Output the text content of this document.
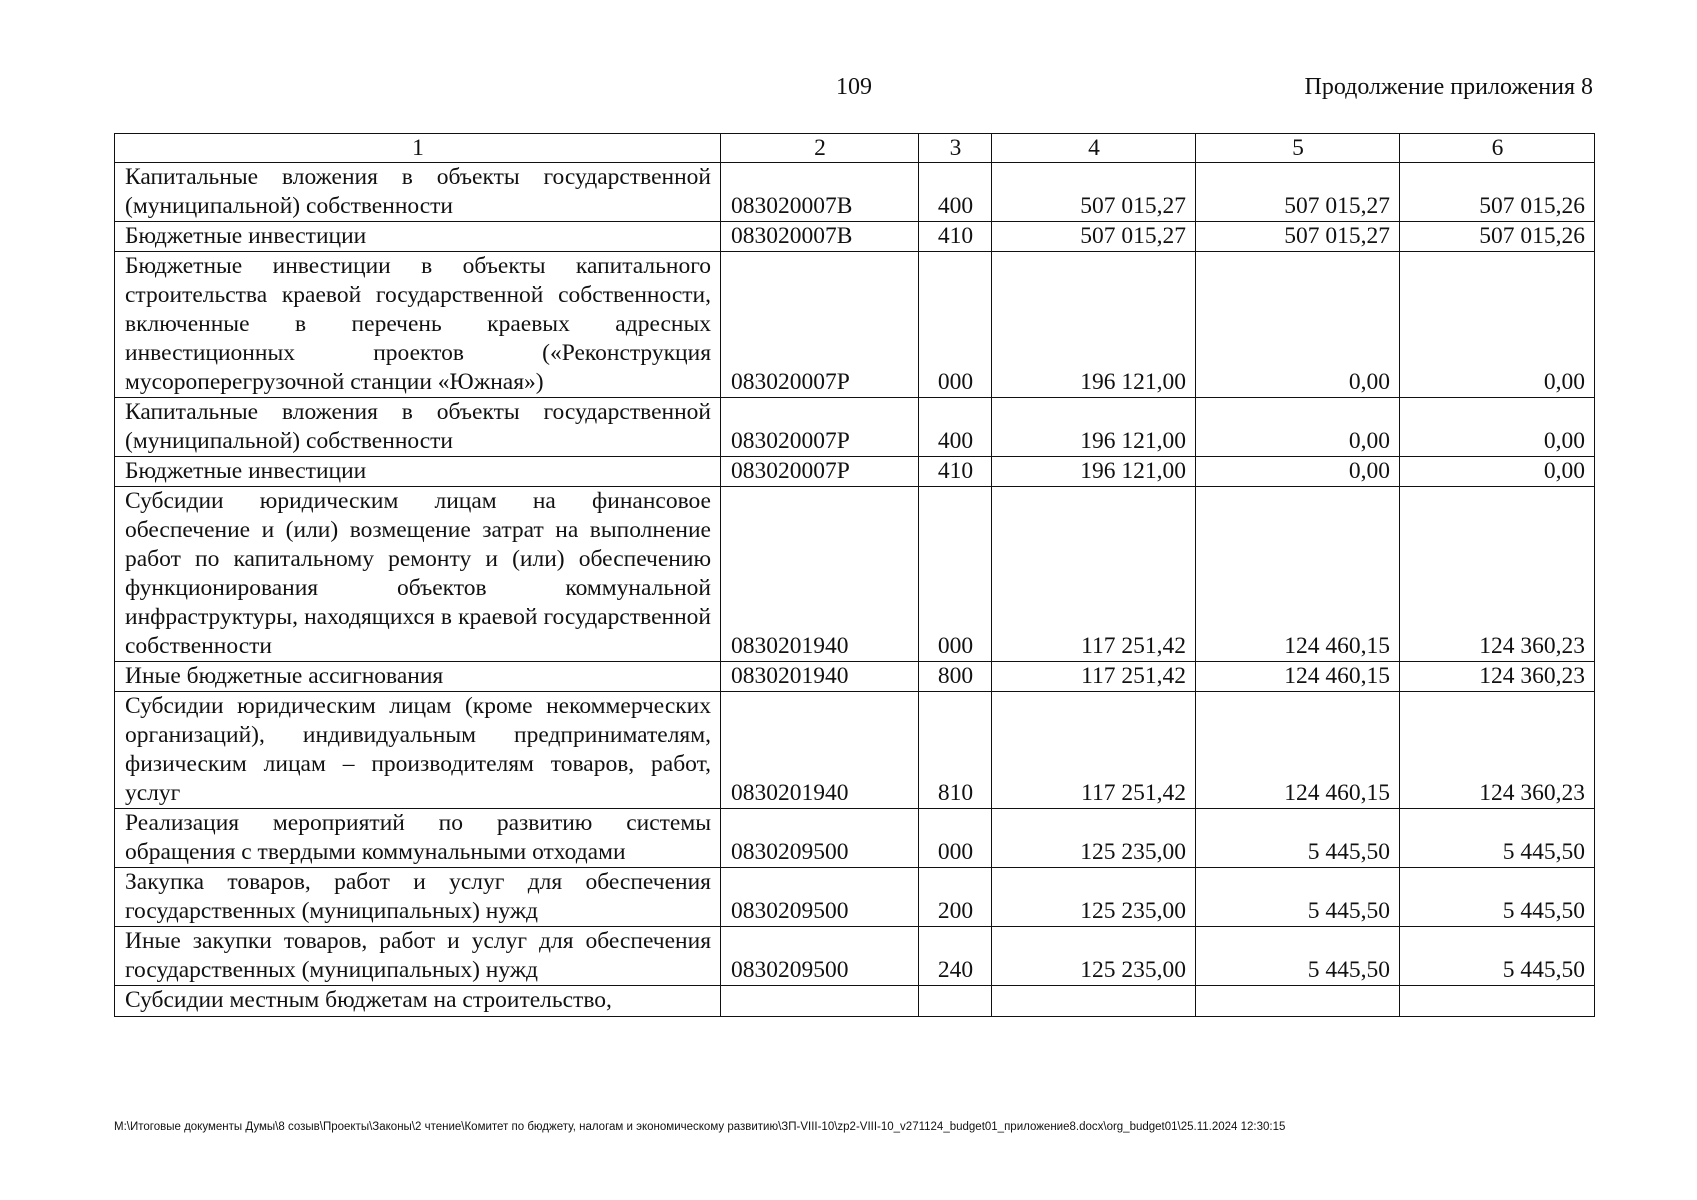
109	Продолжение приложения 8
1	2	3	4	5	6
Капитальные вложения в объекты государственной (муниципальной) собственности	083020007В	400	507 015,27	507 015,27	507 015,26
Бюджетные инвестиции	083020007В	410	507 015,27	507 015,27	507 015,26
Бюджетные инвестиции в объекты капитального строительства краевой государственной собственности, включенные в перечень краевых адресных инвестиционных проектов («Реконструкция мусороперегрузочной станции «Южная»)	083020007Р	000	196 121,00	0,00	0,00
Капитальные вложения в объекты государственной (муниципальной) собственности	083020007Р	400	196 121,00	0,00	0,00
Бюджетные инвестиции	083020007Р	410	196 121,00	0,00	0,00
Субсидии юридическим лицам на финансовое обеспечение и (или) возмещение затрат на выполнение работ по капитальному ремонту и (или) обеспечению функционирования объектов коммунальной инфраструктуры, находящихся в краевой государственной собственности	0830201940	000	117 251,42	124 460,15	124 360,23
Иные бюджетные ассигнования	0830201940	800	117 251,42	124 460,15	124 360,23
Субсидии юридическим лицам (кроме некоммерческих организаций), индивидуальным предпринимателям, физическим лицам – производителям товаров, работ, услуг	0830201940	810	117 251,42	124 460,15	124 360,23
Реализация мероприятий по развитию системы обращения с твердыми коммунальными отходами	0830209500	000	125 235,00	5 445,50	5 445,50
Закупка товаров, работ и услуг для обеспечения государственных (муниципальных) нужд	0830209500	200	125 235,00	5 445,50	5 445,50
Иные закупки товаров, работ и услуг для обеспечения государственных (муниципальных) нужд	0830209500	240	125 235,00	5 445,50	5 445,50
Субсидии местным бюджетам на строительство,					
M:\Итоговые документы Думы\8 созыв\Проекты\Законы\2 чтение\Комитет по бюджету, налогам и экономическому развитию\ЗП-VIII-10\zp2-VIII-10_v271124_budget01_приложение8.docx\org_budget01\25.11.2024 12:30:15
